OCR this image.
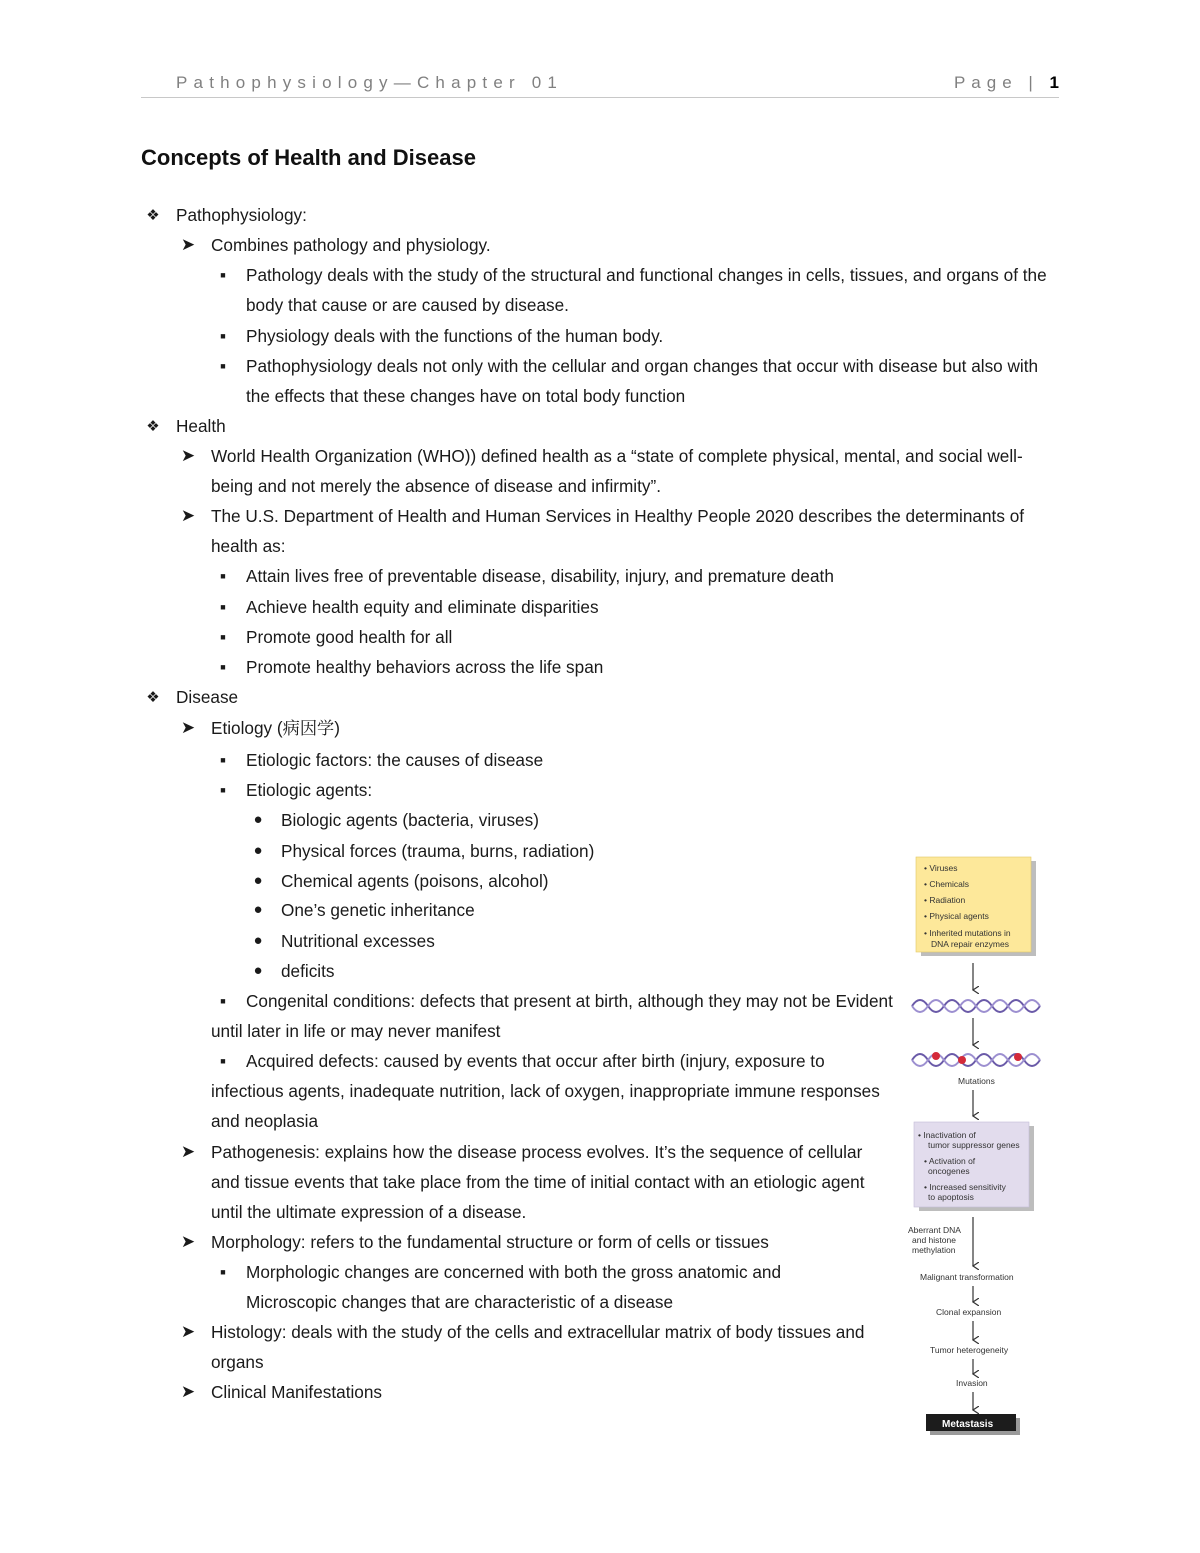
Pathophysiology—Chapter 01	Page | 1
Concepts of Health and Disease
❖ Pathophysiology:
➤ Combines pathology and physiology.
■	Pathology deals with the study of the structural and functional changes in cells, tissues, and organs of the body that cause or are caused by disease.
■	Physiology deals with the functions of the human body.
■	Pathophysiology deals not only with the cellular and organ changes that occur with disease but also with the effects that these changes have on total body function
❖ Health
➤ World Health Organization (WHO)) defined health as a “state of complete physical, mental, and social well-being and not merely the absence of disease and infirmity”.
➤ The U.S. Department of Health and Human Services in Healthy People 2020 describes the determinants of health as:
■	Attain lives free of preventable disease, disability, injury, and premature death
■	Achieve health equity and eliminate disparities
■	Promote good health for all
■	Promote healthy behaviors across the life span
❖ Disease
➤ Etiology (病因学)
■	Etiologic factors: the causes of disease
■	Etiologic agents:
●	Biologic agents (bacteria, viruses)
●	Physical forces (trauma, burns, radiation)
●	Chemical agents (poisons, alcohol)
●	One’s genetic inheritance
●	Nutritional excesses
●	deficits
■	Congenital conditions: defects that present at birth, although they may not be Evident until later in life or may never manifest
■	Acquired defects: caused by events that occur after birth (injury, exposure to infectious agents, inadequate nutrition, lack of oxygen, inappropriate immune responses and neoplasia
➤ Pathogenesis: explains how the disease process evolves. It’s the sequence of cellular and tissue events that take place from the time of initial contact with an etiologic agent until the ultimate expression of a disease.
➤ Morphology: refers to the fundamental structure or form of cells or tissues
■	Morphologic changes are concerned with both the gross anatomic and Microscopic changes that are characteristic of a disease
➤ Histology: deals with the study of the cells and extracellular matrix of body tissues and organs
➤ Clinical Manifestations
• Viruses
• Chemicals
• Radiation
• Physical agents
• Inherited mutations in
DNA repair enzymes
Mutations
• Inactivation of
tumor suppressor genes
• Activation of
oncogenes
• Increased sensitivity
to apoptosis
Aberrant DNA
and histone
methylation
Malignant transformation
Clonal expansion
Tumor heterogeneity
Invasion
Metastasis
